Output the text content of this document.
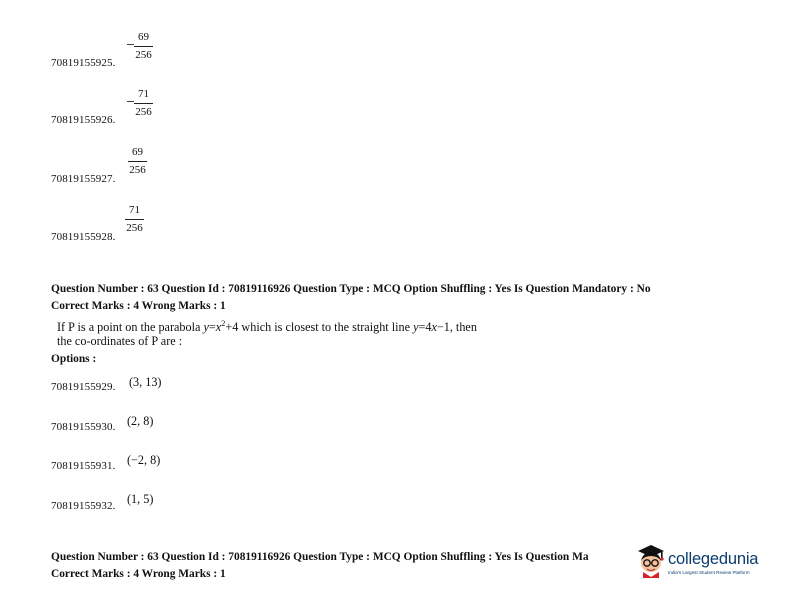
$\frac{69}{256}$
70819155925.
$\frac{71}{256}$
70819155926.
$\frac{69}{256}$
70819155927.
$\frac{71}{256}$
70819155928.
Question Number : 63 Question Id : 70819116926 Question Type : MCQ Option Shuffling : Yes Is Question Mandatory : No
Correct Marks : 4 Wrong Marks : 1
If P is a point on the parabola $y=x^2+4$ which is closest to the straight line y=4x−1, then
the co-ordinates of P are :
Options :
(3, 13)
70819155929.
(2, 8)
70819155930.
(−2, 8)
70819155931.
(1, 5)
70819155932.
Question Number : 63 Question Id : 70819116926 Question Type : MCQ Option Shuffling : Yes Is Question Ma
Correct Marks : 4 Wrong Marks : 1
collegedunia
India's Largest Student Review Platform
